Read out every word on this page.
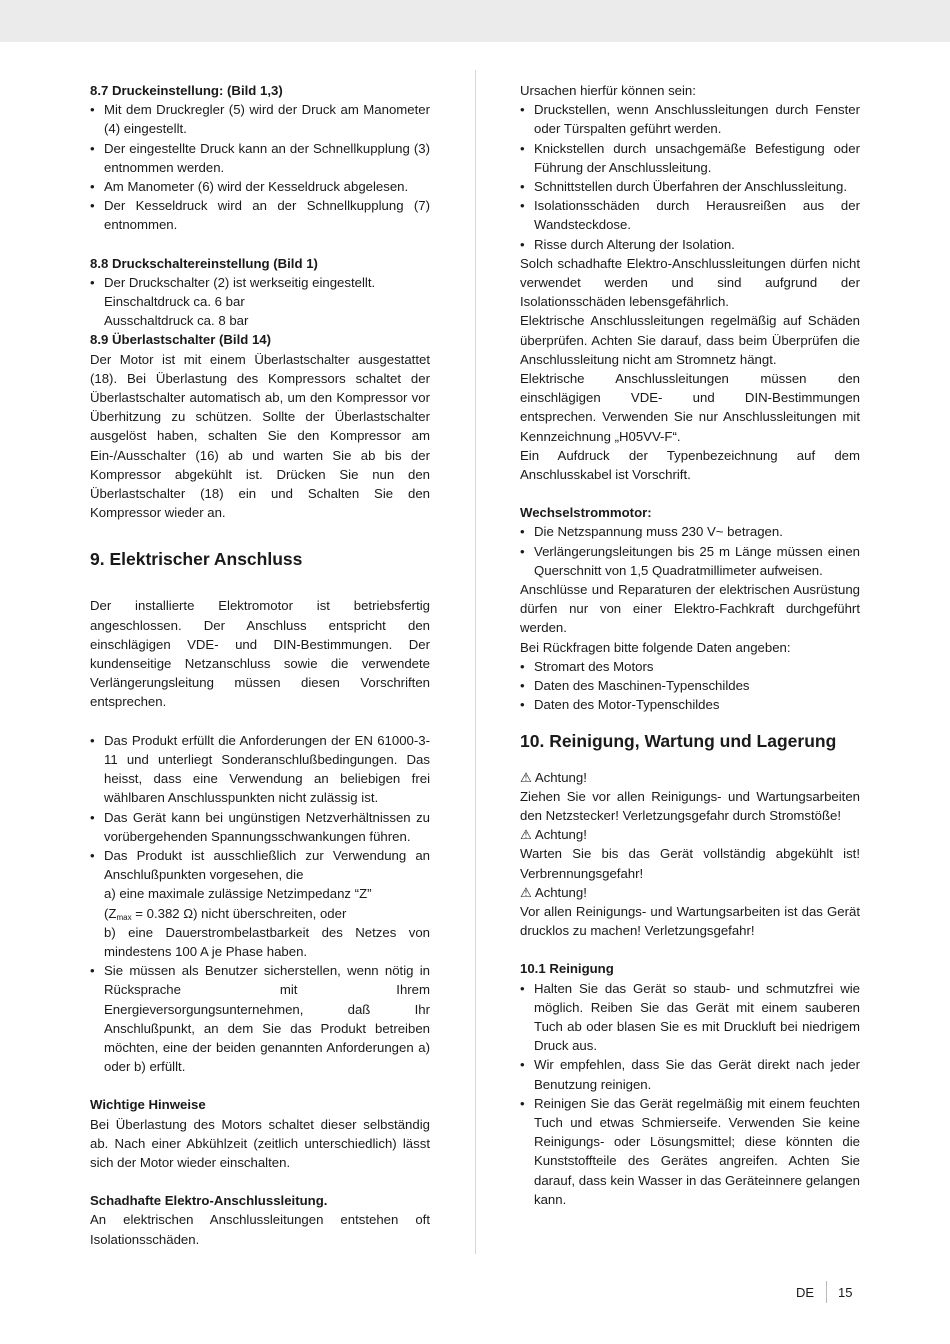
8.7 Druckeinstellung: (Bild 1,3)
• Mit dem Druckregler (5) wird der Druck am Manometer (4) eingestellt.
• Der eingestellte Druck kann an der Schnellkupplung (3) entnommen werden.
• Am Manometer (6) wird der Kesseldruck abgelesen.
• Der Kesseldruck wird an der Schnellkupplung (7) entnommen.
8.8 Druckschaltereinstellung (Bild 1)
• Der Druckschalter (2) ist werkseitig eingestellt.
Einschaltdruck ca. 6 bar
Ausschaltdruck ca. 8 bar
8.9 Überlastschalter (Bild 14)

Der Motor ist mit einem Überlastschalter ausgestattet (18). Bei Überlastung des Kompressors schaltet der Überlastschalter automatisch ab, um den Kompressor vor Überhitzung zu schützen. Sollte der Überlastschalter ausgelöst haben, schalten Sie den Kompressor am Ein-/Ausschalter (16) ab und warten Sie ab bis der Kompressor abgekühlt ist. Drücken Sie nun den Überlastschalter (18) ein und Schalten Sie den Kompressor wieder an.

9. Elektrischer Anschluss

Der installierte Elektromotor ist betriebsfertig angeschlossen. Der Anschluss entspricht den einschlägigen VDE- und DIN-Bestimmungen. Der kundenseitige Netzanschluss sowie die verwendete Verlängerungsleitung müssen diesen Vorschriften entsprechen.

• Das Produkt erfüllt die Anforderungen der EN 61000-3-11 und unterliegt Sonderanschlußbedingungen. Das heisst, dass eine Verwendung an beliebigen frei wählbaren Anschlusspunkten nicht zulässig ist.
• Das Gerät kann bei ungünstigen Netzverhältnissen zu vorübergehenden Spannungsschwankungen führen.
• Das Produkt ist ausschließlich zur Verwendung an Anschlußpunkten vorgesehen, die
a) eine maximale zulässige Netzimpedanz “Z”
($Z_{max} = 0.382$ Ω) nicht überschreiten, oder
b) eine Dauerstrombelastbarkeit des Netzes von mindestens 100 A je Phase haben.
• Sie müssen als Benutzer sicherstellen, wenn nötig in Rücksprache mit Ihrem Energieversorgungsunternehmen, daß Ihr Anschlußpunkt, an dem Sie das Produkt betreiben möchten, eine der beiden genannten Anforderungen a) oder b) erfüllt.
Wichtige Hinweise

Bei Überlastung des Motors schaltet dieser selbständig ab. Nach einer Abkühlzeit (zeitlich unterschiedlich) lässt sich der Motor wieder einschalten.

Schadhafte Elektro-Anschlussleitung.

An elektrischen Anschlussleitungen entstehen oft Isolationsschäden.

Ursachen hierfür können sein:

• Druckstellen, wenn Anschlussleitungen durch Fenster oder Türspalten geführt werden.
• Knickstellen durch unsachgemäße Befestigung oder Führung der Anschlussleitung.
• Schnittstellen durch Überfahren der Anschlussleitung.
• Isolationsschäden durch Herausreißen aus der Wandsteckdose.
• Risse durch Alterung der Isolation.

Solch schadhafte Elektro-Anschlussleitungen dürfen nicht verwendet werden und sind aufgrund der Isolationsschäden lebensgefährlich.

Elektrische Anschlussleitungen regelmäßig auf Schäden überprüfen. Achten Sie darauf, dass beim Überprüfen die Anschlussleitung nicht am Stromnetz hängt.

Elektrische Anschlussleitungen müssen den einschlägigen VDE- und DIN-Bestimmungen entsprechen. Verwenden Sie nur Anschlussleitungen mit Kennzeichnung „H05VV-F“.

Ein Aufdruck der Typenbezeichnung auf dem Anschlusskabel ist Vorschrift.

Wechselstrommotor:
• Die Netzspannung muss 230 V~ betragen.
• Verlängerungsleitungen bis 25 m Länge müssen einen Querschnitt von 1,5 Quadratmillimeter aufweisen.

Anschlüsse und Reparaturen der elektrischen Ausrüstung dürfen nur von einer Elektro-Fachkraft durchgeführt werden.

Bei Rückfragen bitte folgende Daten angeben:

• Stromart des Motors
• Daten des Maschinen-Typenschildes
• Daten des Motor-Typenschildes
10. Reinigung, Wartung und Lagerung
⚠ Achtung!

Ziehen Sie vor allen Reinigungs- und Wartungsarbeiten den Netzstecker! Verletzungsgefahr durch Stromstöße!

⚠ Achtung!

Warten Sie bis das Gerät vollständig abgekühlt ist! Verbrennungsgefahr!

⚠ Achtung!

Vor allen Reinigungs- und Wartungsarbeiten ist das Gerät drucklos zu machen! Verletzungsgefahr!

10.1 Reinigung
• Halten Sie das Gerät so staub- und schmutzfrei wie möglich. Reiben Sie das Gerät mit einem sauberen Tuch ab oder blasen Sie es mit Druckluft bei niedrigem Druck aus.
• Wir empfehlen, dass Sie das Gerät direkt nach jeder Benutzung reinigen.
• Reinigen Sie das Gerät regelmäßig mit einem feuchten Tuch und etwas Schmierseife. Verwenden Sie keine Reinigungs- oder Lösungsmittel; diese könnten die Kunststoffteile des Gerätes angreifen. Achten Sie darauf, dass kein Wasser in das Geräteinnere gelangen kann.
DE 15
